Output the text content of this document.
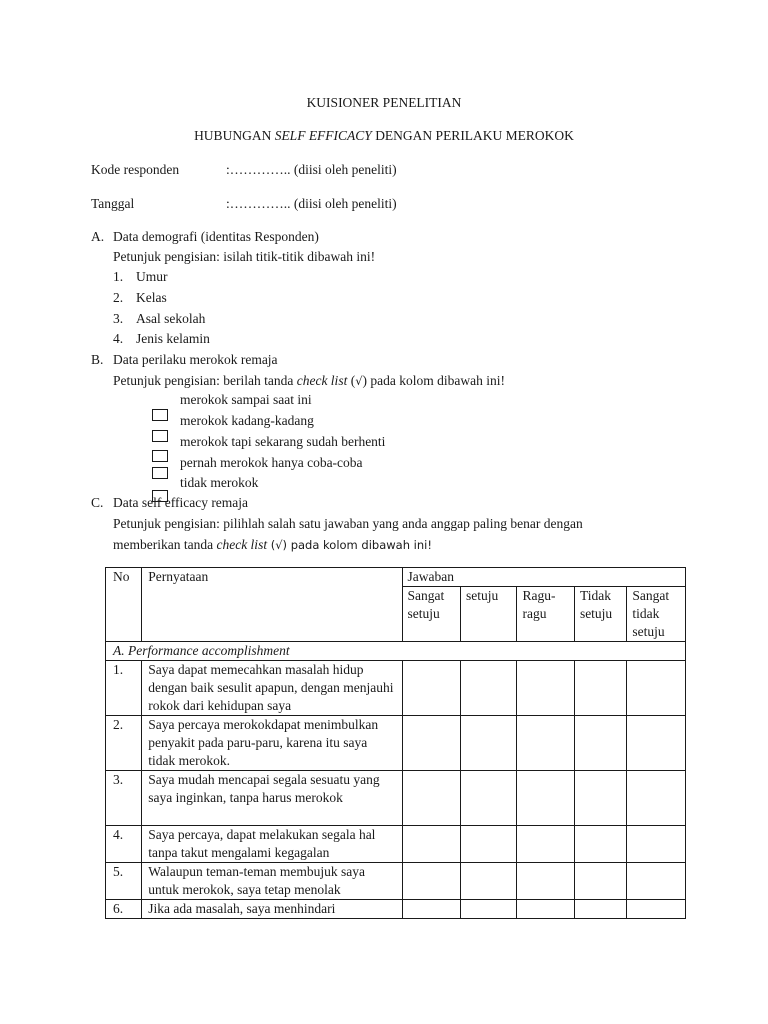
KUISIONER PENELITIAN
HUBUNGAN SELF EFFICACY DENGAN PERILAKU MEROKOK
Kode responden	:………….. (diisi oleh peneliti)
Tanggal	:………….. (diisi oleh peneliti)
A. Data demografi (identitas Responden)
Petunjuk pengisian: isilah titik-titik dibawah ini!
1. Umur
2. Kelas
3. Asal sekolah
4. Jenis kelamin
B. Data perilaku merokok remaja
Petunjuk pengisian: berilah tanda check list (√) pada kolom dibawah ini!
merokok sampai saat ini
merokok kadang-kadang
merokok tapi sekarang sudah berhenti
pernah merokok hanya coba-coba
tidak merokok
C. Data self efficacy remaja
Petunjuk pengisian: pilihlah salah satu jawaban yang anda anggap paling benar dengan
memberikan tanda check list (√) pada kolom dibawah ini!
No	Pernyataan	Jawaban				
		Sangat setuju	setuju	Ragu-ragu	Tidak setuju	Sangat tidak setuju
A. Performance accomplishment						
1.	Saya dapat memecahkan masalah hidup dengan baik sesulit apapun, dengan menjauhi rokok dari kehidupan saya					
2.	Saya percaya merokokdapat menimbulkan penyakit pada paru-paru, karena itu saya tidak merokok.					
3.	Saya mudah mencapai segala sesuatu yang saya inginkan, tanpa harus merokok					
4.	Saya percaya, dapat melakukan segala hal tanpa takut mengalami kegagalan					
5.	Walaupun teman-teman membujuk saya untuk merokok, saya tetap menolak					
6.	Jika ada masalah, saya menhindari					
